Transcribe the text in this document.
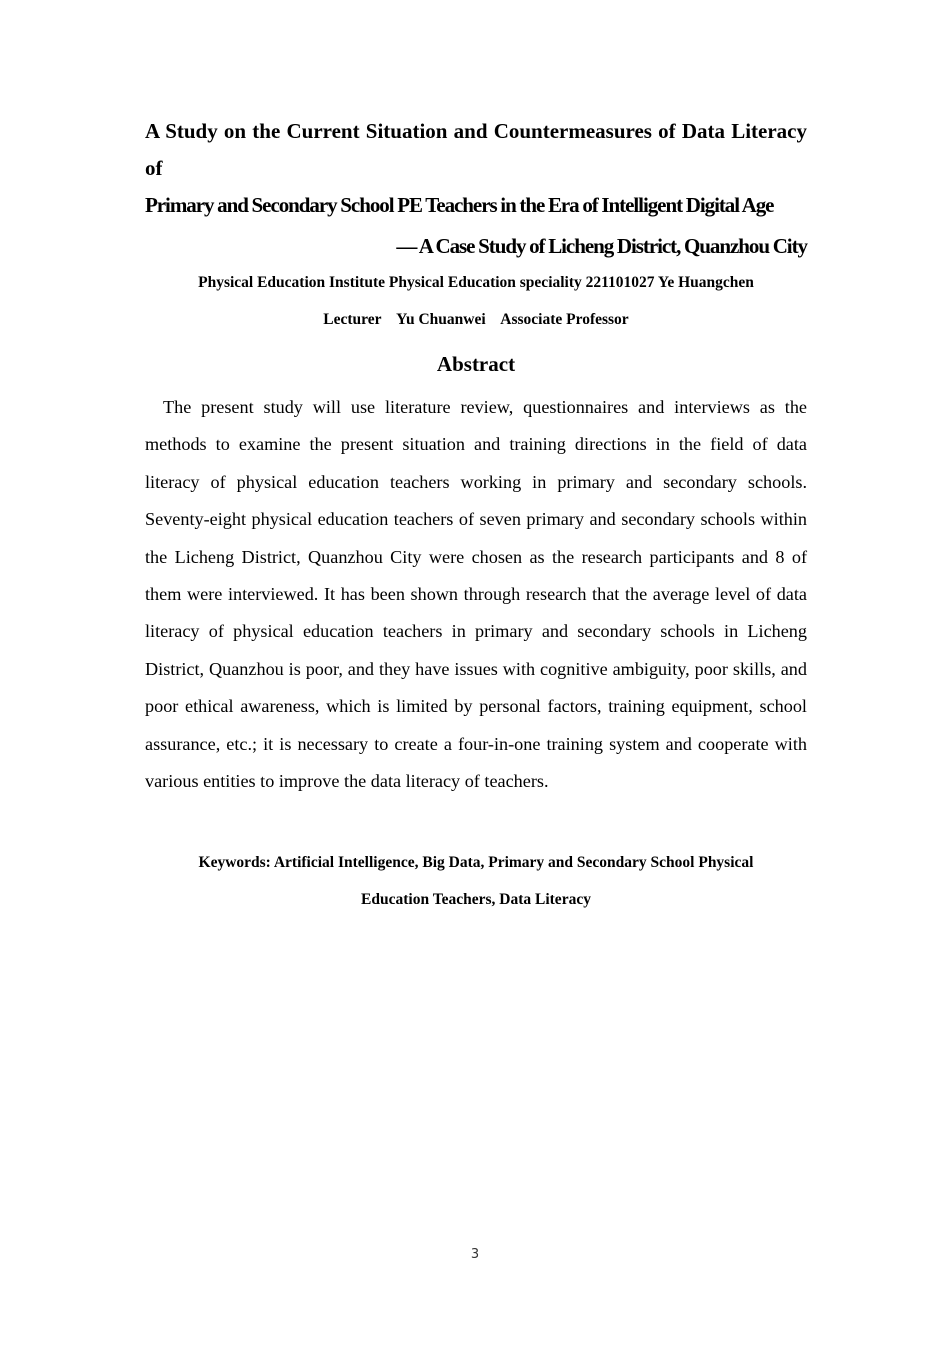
A Study on the Current Situation and Countermeasures of Data Literacy of

Primary and Secondary School PE Teachers in the Era of Intelligent Digital Age

— A Case Study of Licheng District, Quanzhou City

Physical Education Institute Physical Education speciality 221101027 Ye Huangchen
Lecturer    Yu Chuanwei    Associate Professor
Abstract

The present study will use literature review, questionnaires and interviews as the methods to examine the present situation and training directions in the field of data literacy of physical education teachers working in primary and secondary schools. Seventy-eight physical education teachers of seven primary and secondary schools within the Licheng District, Quanzhou City were chosen as the research participants and 8 of them were interviewed. It has been shown through research that the average level of data literacy of physical education teachers in primary and secondary schools in Licheng District, Quanzhou is poor, and they have issues with cognitive ambiguity, poor skills, and poor ethical awareness, which is limited by personal factors, training equipment, school assurance, etc.; it is necessary to create a four-in-one training system and cooperate with various entities to improve the data literacy of teachers.

Keywords: Artificial Intelligence, Big Data, Primary and Secondary School Physical
Education Teachers, Data Literacy
3
